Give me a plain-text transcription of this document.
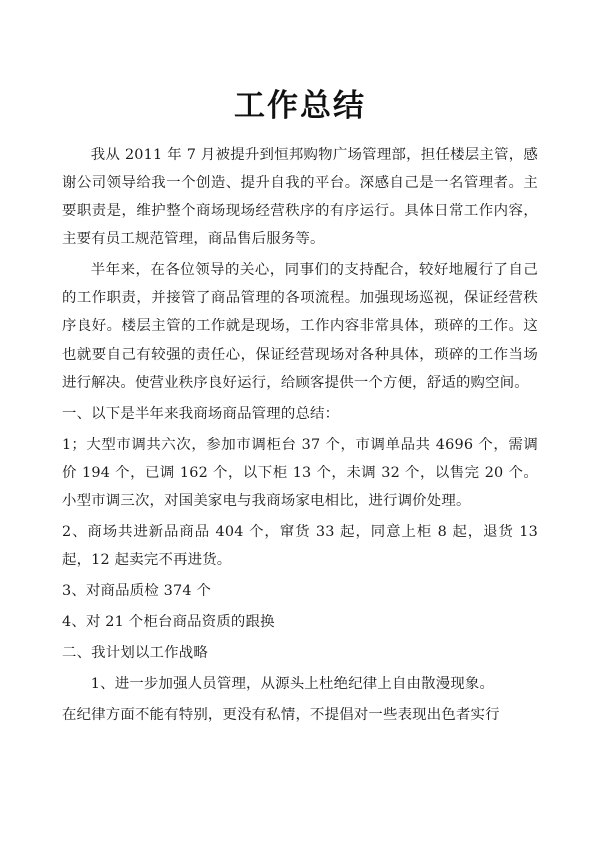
工作总结

我从 2011 年 7 月被提升到恒邦购物广场管理部，担任楼层主管，感谢公司领导给我一个创造、提升自我的平台。深感自己是一名管理者。主要职责是，维护整个商场现场经营秩序的有序运行。具体日常工作内容，主要有员工规范管理，商品售后服务等。

半年来，在各位领导的关心，同事们的支持配合，较好地履行了自己的工作职责，并接管了商品管理的各项流程。加强现场巡视，保证经营秩序良好。楼层主管的工作就是现场，工作内容非常具体，琐碎的工作。这也就要自己有较强的责任心，保证经营现场对各种具体，琐碎的工作当场进行解决。使营业秩序良好运行，给顾客提供一个方便，舒适的购空间。

一、以下是半年来我商场商品管理的总结：

1；大型市调共六次，参加市调柜台 37 个，市调单品共 4696 个，需调价 194 个，已调 162 个，以下柜 13 个，未调 32 个，以售完 20 个。小型市调三次，对国美家电与我商场家电相比，进行调价处理。

2、商场共进新品商品 404 个，窜货 33 起，同意上柜 8 起，退货 13 起，12 起卖完不再进货。

3、对商品质检 374 个

4、对 21 个柜台商品资质的跟换

二、我计划以工作战略

1、进一步加强人员管理，从源头上杜绝纪律上自由散漫现象。

在纪律方面不能有特别，更没有私情，不提倡对一些表现出色者实行
